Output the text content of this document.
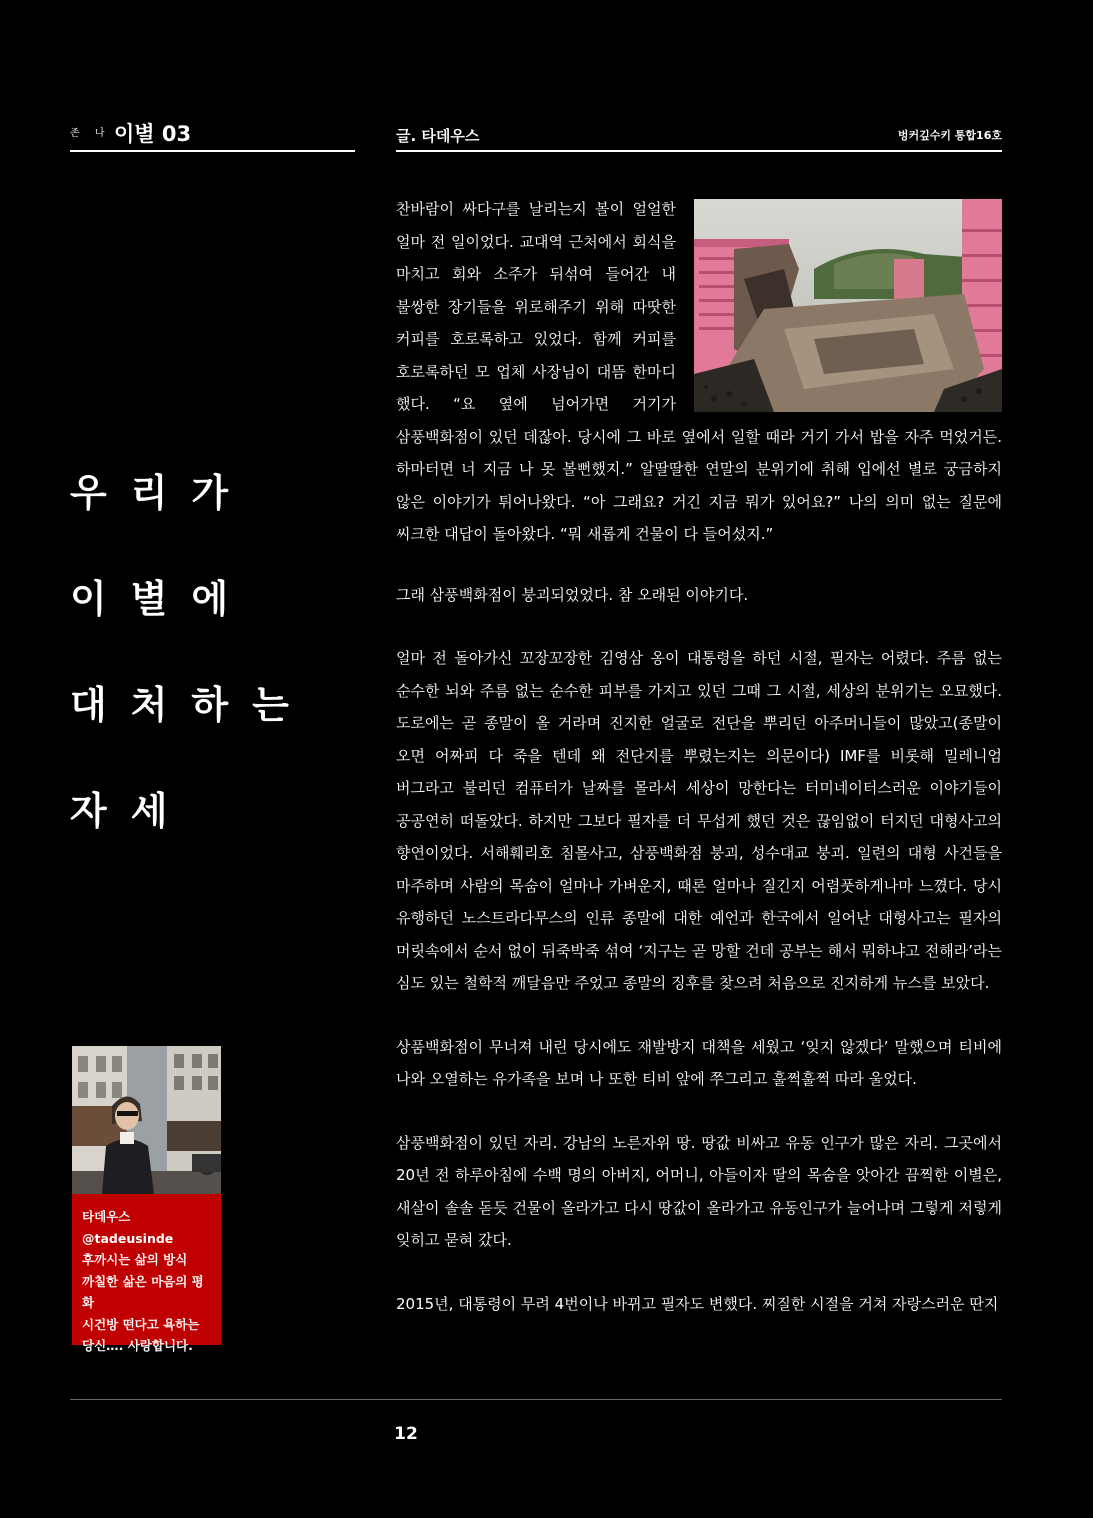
존 나 이별 03	글. 타데우스	벙커깊수키 통합16호
우리가
이별에
대처하는
자세

찬바람이 싸다구를 날리는지 볼이 얼얼한 얼마 전 일이었다. 교대역 근처에서 회식을 마치고 회와 소주가 뒤섞여 들어간 내 불쌍한 장기들을 위로해주기 위해 따땃한 커피를 호로록하고 있었다. 함께 커피를 호로록하던 모 업체 사장님이 대뜸 한마디 했다. “요 옆에 넘어가면 거기가 삼풍백화점이 있던 데잖아. 당시에 그 바로 옆에서 일할 때라 거기 가서 밥을 자주 먹었거든. 하마터면 너 지금 나 못 볼뻔했지.” 알딸딸한 연말의 분위기에 취해 입에선 별로 궁금하지 않은 이야기가 튀어나왔다. “아 그래요? 거긴 지금 뭐가 있어요?” 나의 의미 없는 질문에 씨크한 대답이 돌아왔다. “뭐 새롭게 건물이 다 들어섰지.”

그래 삼풍백화점이 붕괴되었었다. 참 오래된 이야기다.

얼마 전 돌아가신 꼬장꼬장한 김영삼 옹이 대통령을 하던 시절, 필자는 어렸다. 주름 없는 순수한 뇌와 주름 없는 순수한 피부를 가지고 있던 그때 그 시절, 세상의 분위기는 오묘했다. 도로에는 곧 종말이 올 거라며 진지한 얼굴로 전단을 뿌리던 아주머니들이 많았고(종말이 오면 어짜피 다 죽을 텐데 왜 전단지를 뿌렸는지는 의문이다) IMF를 비롯해 밀레니엄 버그라고 불리던 컴퓨터가 날짜를 몰라서 세상이 망한다는 터미네이터스러운 이야기들이 공공연히 떠돌았다. 하지만 그보다 필자를 더 무섭게 했던 것은 끊임없이 터지던 대형사고의 향연이었다. 서해훼리호 침몰사고, 삼풍백화점 붕괴, 성수대교 붕괴. 일련의 대형 사건들을 마주하며 사람의 목숨이 얼마나 가벼운지, 때론 얼마나 질긴지 어렴풋하게나마 느꼈다. 당시 유행하던 노스트라다무스의 인류 종말에 대한 예언과 한국에서 일어난 대형사고는 필자의 머릿속에서 순서 없이 뒤죽박죽 섞여 ‘지구는 곧 망할 건데 공부는 해서 뭐하냐고 전해라’라는 심도 있는 철학적 깨달음만 주었고 종말의 징후를 찾으려 처음으로 진지하게 뉴스를 보았다.

상품백화점이 무너져 내린 당시에도 재발방지 대책을 세웠고 ‘잊지 않겠다’ 말했으며 티비에 나와 오열하는 유가족을 보며 나 또한 티비 앞에 쭈그리고 훌쩍훌쩍 따라 울었다.

삼풍백화점이 있던 자리. 강남의 노른자위 땅. 땅값 비싸고 유동 인구가 많은 자리. 그곳에서 20년 전 하루아침에 수백 명의 아버지, 어머니, 아들이자 딸의 목숨을 앗아간 끔찍한 이별은, 새살이 솔솔 돋듯 건물이 올라가고 다시 땅값이 올라가고 유동인구가 늘어나며 그렇게 저렇게 잊히고 묻혀 갔다.

2015년, 대통령이 무려 4번이나 바뀌고 필자도 변했다. 찌질한 시절을 거쳐 자랑스러운 딴지

타데우스
@tadeusinde
후까시는 삶의 방식
까칠한 삶은 마음의 평화
시건방 떤다고 욕하는
당신…. 사랑합니다.
12
